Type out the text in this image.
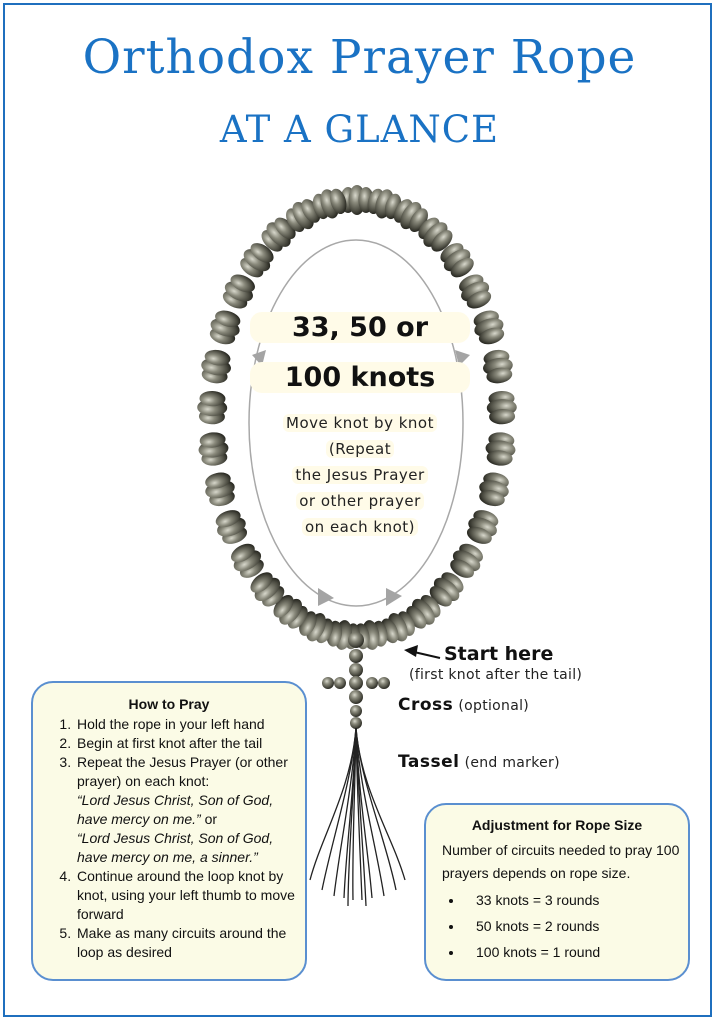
Orthodox Prayer Rope
AT A GLANCE
33, 50 or
100 knots
Move knot by knot
(Repeat
the Jesus Prayer
or other prayer
on each knot)
Start here
(first knot after the tail)
Cross (optional)
Tassel (end marker)
How to Pray
1. Hold the rope in your left hand
2. Begin at first knot after the tail
3. Repeat the Jesus Prayer (or other prayer) on each knot:
“Lord Jesus Christ, Son of God, have mercy on me.” or
“Lord Jesus Christ, Son of God, have mercy on me, a sinner.”
4. Continue around the loop knot by knot, using your left thumb to move forward
5. Make as many circuits around the loop as desired
Adjustment for Rope Size
Number of circuits needed to pray 100 prayers depends on rope size.
• 33 knots = 3 rounds
• 50 knots = 2 rounds
• 100 knots = 1 round
